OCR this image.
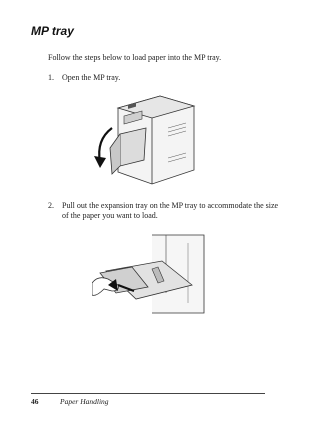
MP tray
Follow the steps below to load paper into the MP tray.
1. Open the MP tray.
2. Pull out the expansion tray on the MP tray to accommodate the size of the paper you want to load.
46	Paper Handling
